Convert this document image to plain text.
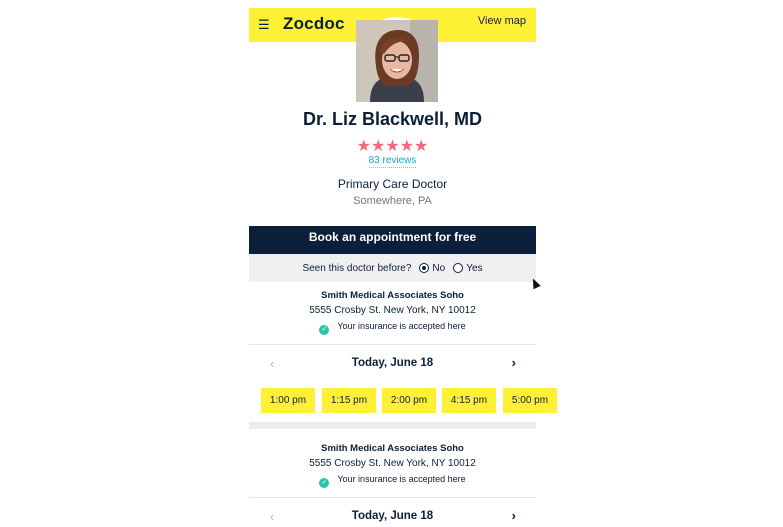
☰ Zocdoc	View map
Dr. Liz Blackwell, MD
★★★★★
83 reviews
Primary Care Doctor
Somewhere, PA
Book an appointment for free
Seen this doctor before? No Yes
Smith Medical Associates Soho
5555 Crosby St. New York, NY 10012
✓ Your insurance is accepted here
‹	Today, June 18	›
1:00 pm	1:15 pm	2:00 pm	4:15 pm	5:00 pm
Smith Medical Associates Soho
5555 Crosby St. New York, NY 10012
✓ Your insurance is accepted here
‹	Today, June 18	›
